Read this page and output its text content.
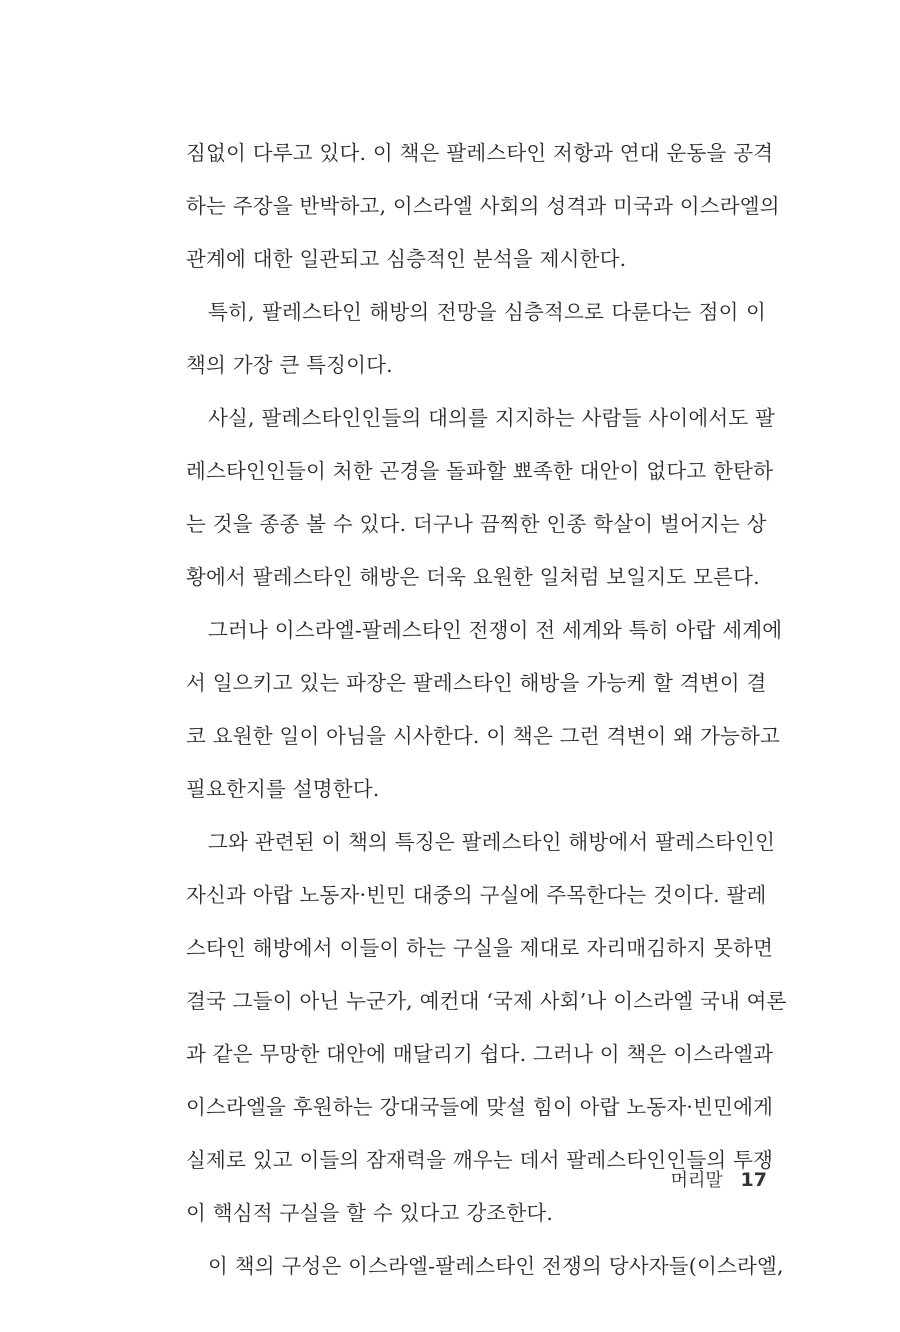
짐없이 다루고 있다. 이 책은 팔레스타인 저항과 연대 운동을 공격
하는 주장을 반박하고, 이스라엘 사회의 성격과 미국과 이스라엘의
관계에 대한 일관되고 심층적인 분석을 제시한다.
특히, 팔레스타인 해방의 전망을 심층적으로 다룬다는 점이 이
책의 가장 큰 특징이다.
사실, 팔레스타인인들의 대의를 지지하는 사람들 사이에서도 팔
레스타인인들이 처한 곤경을 돌파할 뾰족한 대안이 없다고 한탄하
는 것을 종종 볼 수 있다. 더구나 끔찍한 인종 학살이 벌어지는 상
황에서 팔레스타인 해방은 더욱 요원한 일처럼 보일지도 모른다.
그러나 이스라엘-팔레스타인 전쟁이 전 세계와 특히 아랍 세계에
서 일으키고 있는 파장은 팔레스타인 해방을 가능케 할 격변이 결
코 요원한 일이 아님을 시사한다. 이 책은 그런 격변이 왜 가능하고
필요한지를 설명한다.
그와 관련된 이 책의 특징은 팔레스타인 해방에서 팔레스타인인
자신과 아랍 노동자·빈민 대중의 구실에 주목한다는 것이다. 팔레
스타인 해방에서 이들이 하는 구실을 제대로 자리매김하지 못하면
결국 그들이 아닌 누군가, 예컨대 ‘국제 사회’나 이스라엘 국내 여론
과 같은 무망한 대안에 매달리기 쉽다. 그러나 이 책은 이스라엘과
이스라엘을 후원하는 강대국들에 맞설 힘이 아랍 노동자·빈민에게
실제로 있고 이들의 잠재력을 깨우는 데서 팔레스타인인들의 투쟁
이 핵심적 구실을 할 수 있다고 강조한다.
이 책의 구성은 이스라엘-팔레스타인 전쟁의 당사자들(이스라엘,
머리말 17
